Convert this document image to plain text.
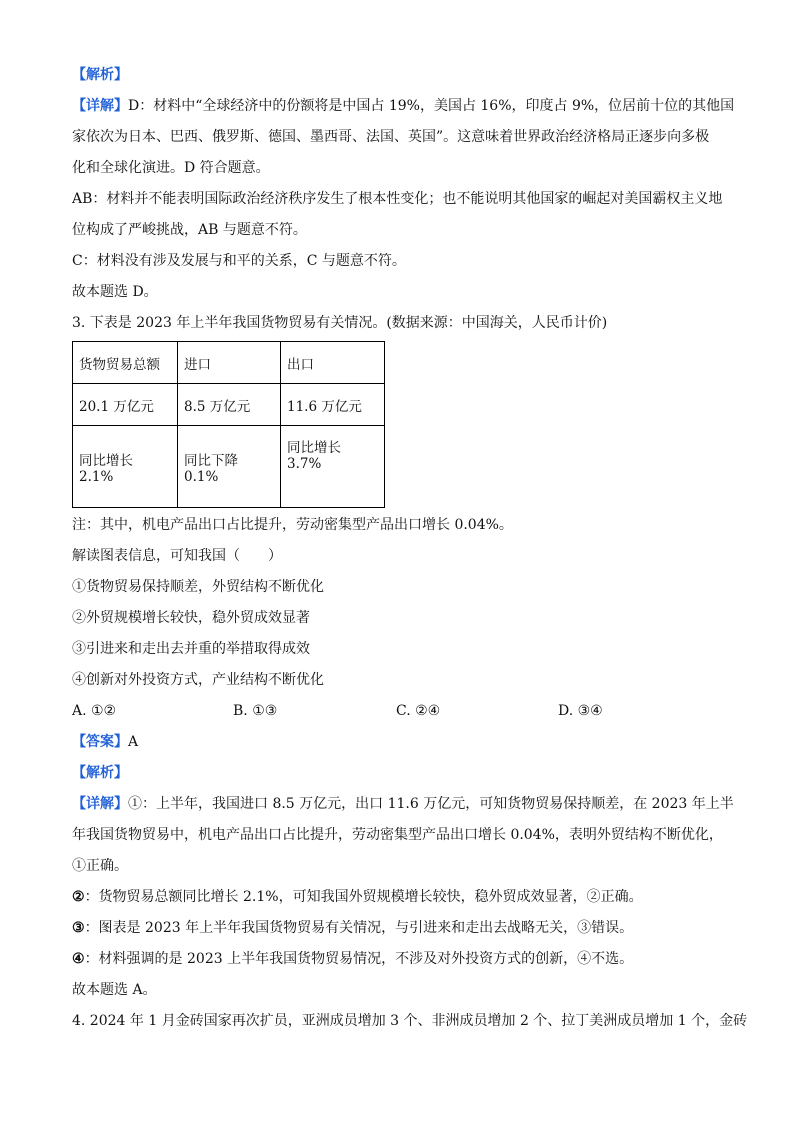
【解析】

【详解】D：材料中“全球经济中的份额将是中国占 19%，美国占 16%，印度占 9%，位居前十位的其他国

家依次为日本、巴西、俄罗斯、德国、墨西哥、法国、英国”。这意味着世界政治经济格局正逐步向多极

化和全球化演进。D 符合题意。

AB：材料并不能表明国际政治经济秩序发生了根本性变化；也不能说明其他国家的崛起对美国霸权主义地

位构成了严峻挑战，AB 与题意不符。

C：材料没有涉及发展与和平的关系，C 与题意不符。

故本题选 D。

3. 下表是 2023 年上半年我国货物贸易有关情况。(数据来源：中国海关，人民币计价)

货物贸易总额	进口	出口
20.1 万亿元	8.5 万亿元	11.6 万亿元
同比增长 2.1%	同比下降 0.1%	同比增长 3.7%

注：其中，机电产品出口占比提升，劳动密集型产品出口增长 0.04%。

解读图表信息，可知我国（　　）

①货物贸易保持顺差，外贸结构不断优化

②外贸规模增长较快，稳外贸成效显著

③引进来和走出去并重的举措取得成效

④创新对外投资方式，产业结构不断优化

A. ①②	B. ①③	C. ②④	D. ③④

【答案】A

【解析】

【详解】①：上半年，我国进口 8.5 万亿元，出口 11.6 万亿元，可知货物贸易保持顺差，在 2023 年上半

年我国货物贸易中，机电产品出口占比提升，劳动密集型产品出口增长 0.04%，表明外贸结构不断优化，

①正确。

②：货物贸易总额同比增长 2.1%，可知我国外贸规模增长较快，稳外贸成效显著，②正确。

③：图表是 2023 年上半年我国货物贸易有关情况，与引进来和走出去战略无关，③错误。

④：材料强调的是 2023 上半年我国货物贸易情况，不涉及对外投资方式的创新，④不选。

故本题选 A。

4. 2024 年 1 月金砖国家再次扩员，亚洲成员增加 3 个、非洲成员增加 2 个、拉丁美洲成员增加 1 个，金砖
